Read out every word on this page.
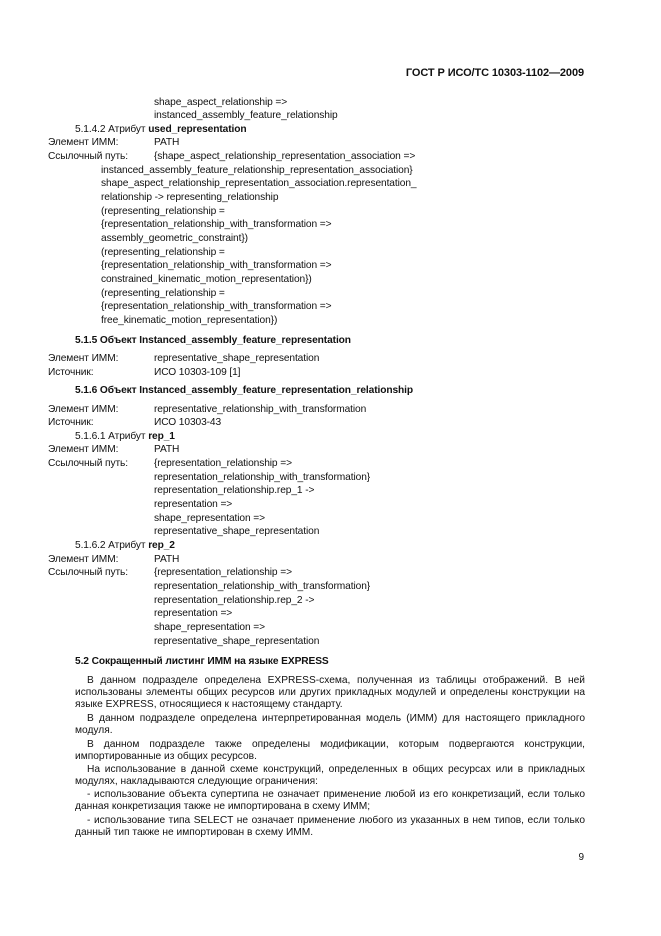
ГОСТ Р ИСО/ТС 10303-1102—2009
shape_aspect_relationship =>
instanced_assembly_feature_relationship
5.1.4.2 Атрибут used_representation
Элемент ИММ:	PATH
Ссылочный путь:	{shape_aspect_relationship_representation_association =>
instanced_assembly_feature_relationship_representation_association}
shape_aspect_relationship_representation_association.representation_
relationship -> representing_relationship
(representing_relationship =
{representation_relationship_with_transformation =>
assembly_geometric_constraint})
(representing_relationship =
{representation_relationship_with_transformation =>
constrained_kinematic_motion_representation})
(representing_relationship =
{representation_relationship_with_transformation =>
free_kinematic_motion_representation})
5.1.5 Объект Instanced_assembly_feature_representation
Элемент ИММ:	representative_shape_representation
Источник:	ИСО 10303-109 [1]
5.1.6 Объект Instanced_assembly_feature_representation_relationship
Элемент ИММ:	representative_relationship_with_transformation
Источник:	ИСО 10303-43
5.1.6.1 Атрибут rep_1
Элемент ИММ:	PATH
Ссылочный путь:	{representation_relationship =>
representation_relationship_with_transformation}
representation_relationship.rep_1 ->
representation =>
shape_representation =>
representative_shape_representation
5.1.6.2 Атрибут rep_2
Элемент ИММ:	PATH
Ссылочный путь:	{representation_relationship =>
representation_relationship_with_transformation}
representation_relationship.rep_2 ->
representation =>
shape_representation =>
representative_shape_representation
5.2 Сокращенный листинг ИММ на языке EXPRESS

В данном подразделе определена EXPRESS-схема, полученная из таблицы отображений. В ней использованы элементы общих ресурсов или других прикладных модулей и определены конструкции на языке EXPRESS, относящиеся к настоящему стандарту.

В данном подразделе определена интерпретированная модель (ИММ) для настоящего прикладного модуля.

В данном подразделе также определены модификации, которым подвергаются конструкции, импортированные из общих ресурсов.

На использование в данной схеме конструкций, определенных в общих ресурсах или в прикладных модулях, накладываются следующие ограничения:

- использование объекта супертипа не означает применение любой из его конкретизаций, если только данная конкретизация также не импортирована в схему ИММ;

- использование типа SELECT не означает применение любого из указанных в нем типов, если только данный тип также не импортирован в схему ИММ.

9
